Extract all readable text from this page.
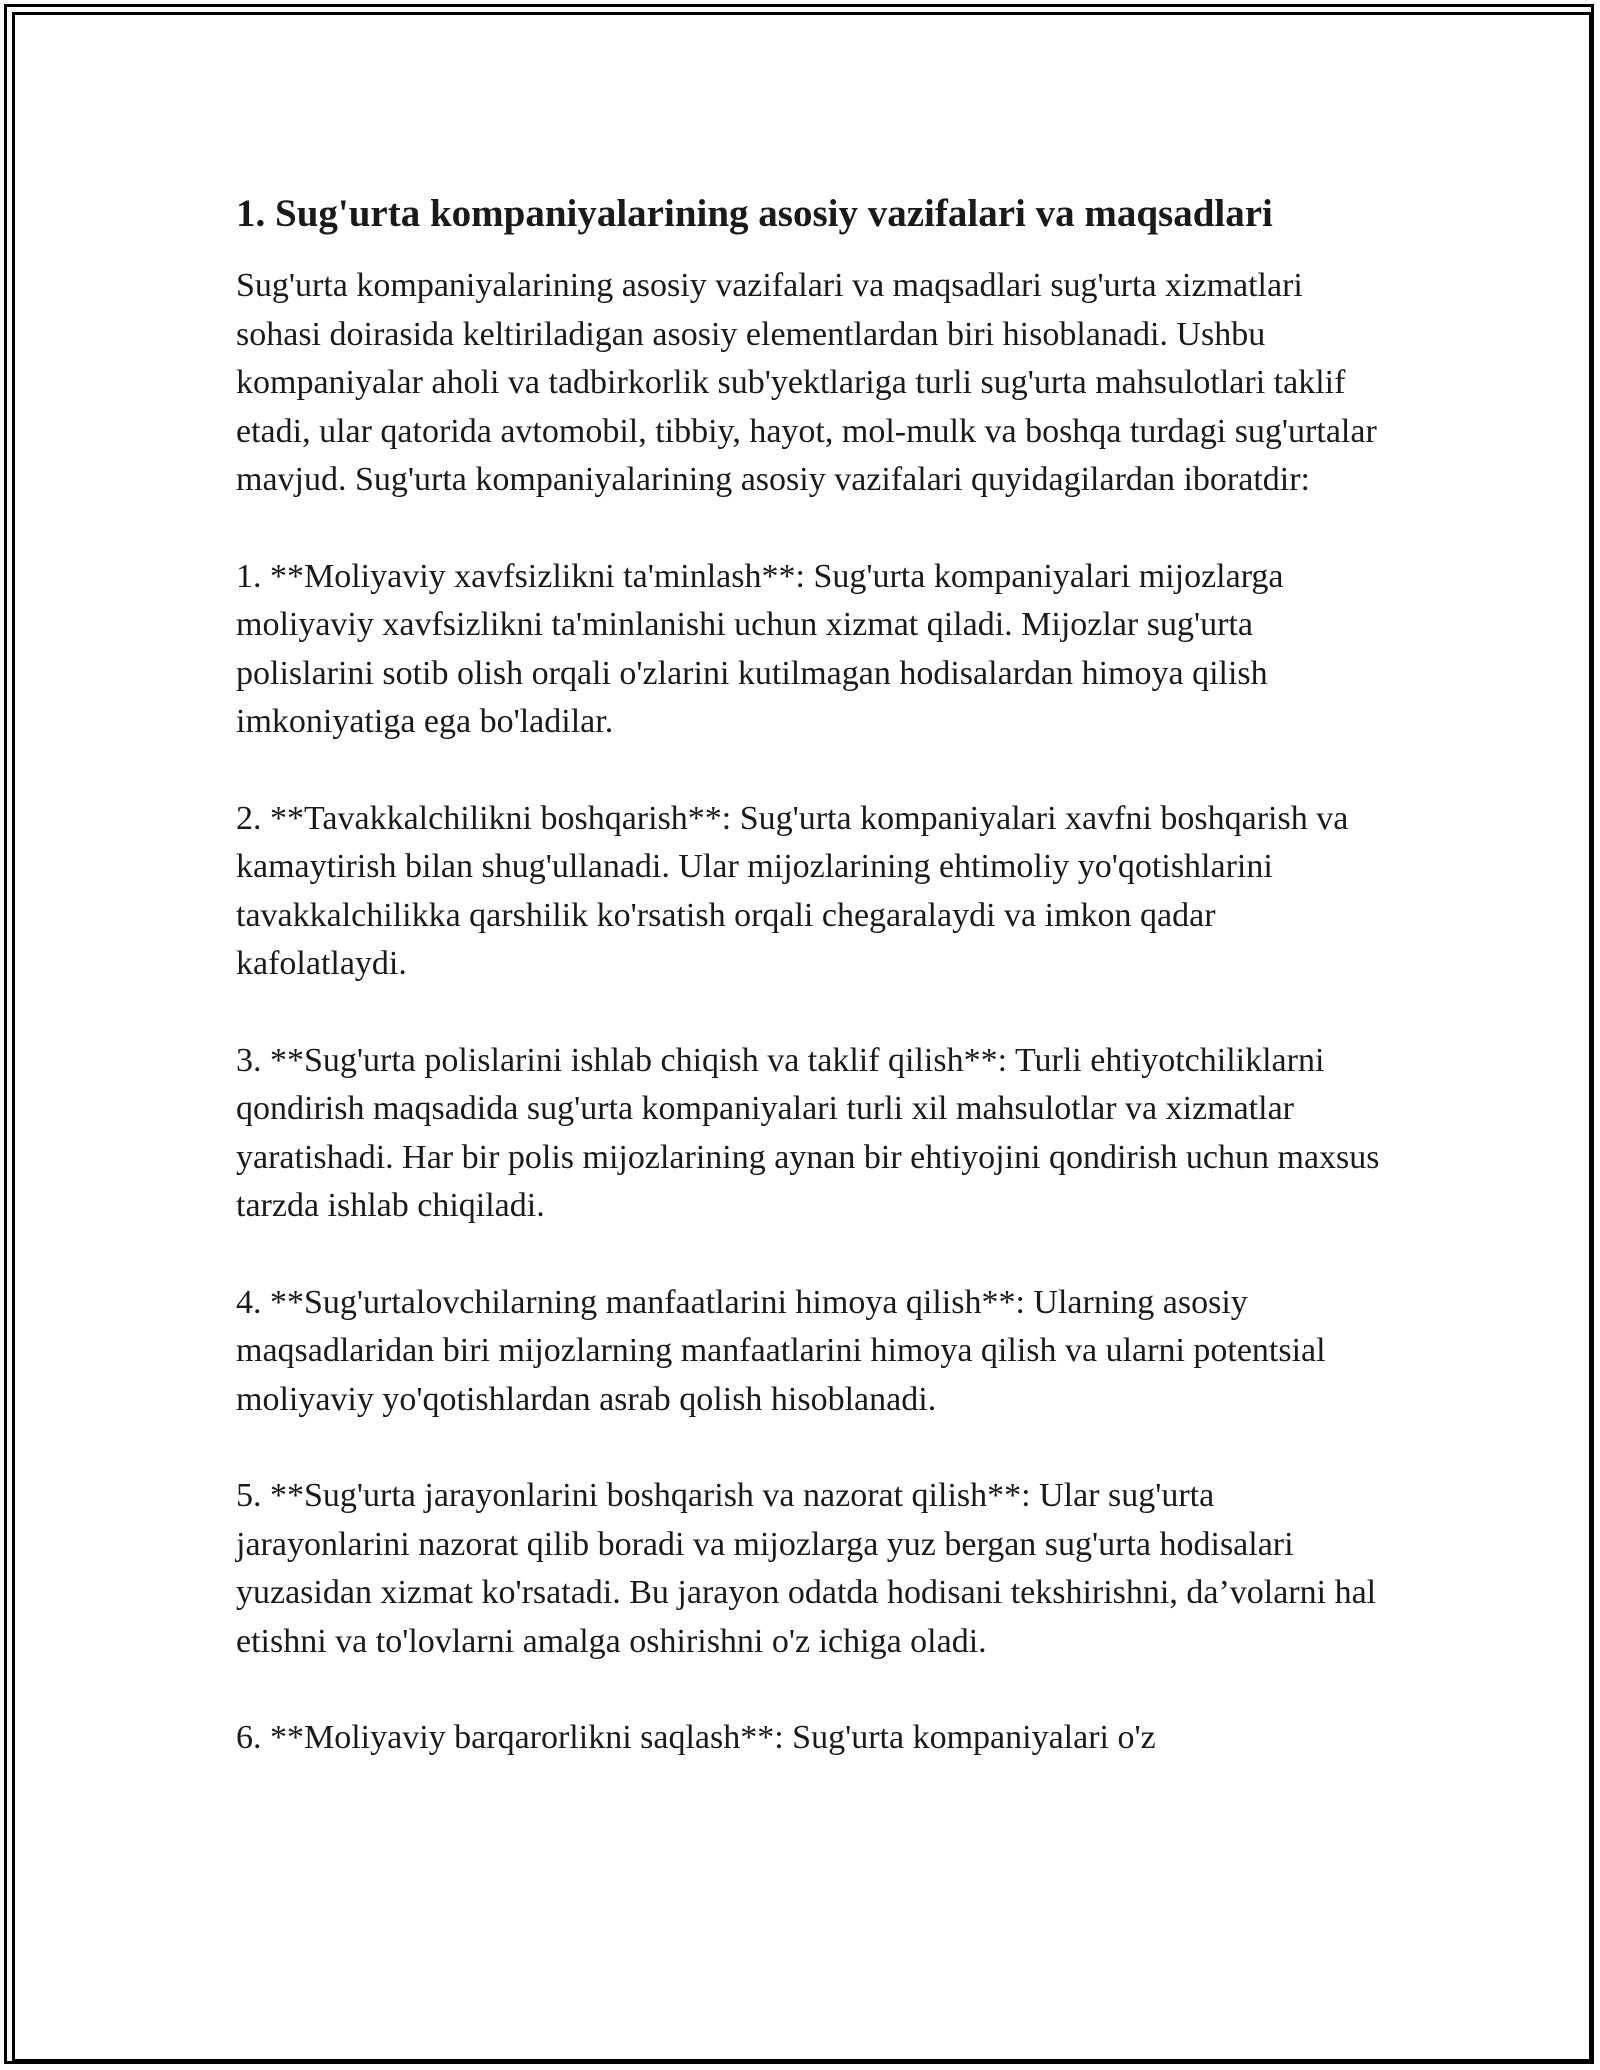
1. Sug'urta kompaniyalarining asosiy vazifalari va maqsadlari

Sug'urta kompaniyalarining asosiy vazifalari va maqsadlari sug'urta xizmatlari sohasi doirasida keltiriladigan asosiy elementlardan biri hisoblanadi. Ushbu kompaniyalar aholi va tadbirkorlik sub'yektlariga turli sug'urta mahsulotlari taklif etadi, ular qatorida avtomobil, tibbiy, hayot, mol-mulk va boshqa turdagi sug'urtalar mavjud. Sug'urta kompaniyalarining asosiy vazifalari quyidagilardan iboratdir:

1. **Moliyaviy xavfsizlikni ta'minlash**: Sug'urta kompaniyalari mijozlarga moliyaviy xavfsizlikni ta'minlanishi uchun xizmat qiladi. Mijozlar sug'urta polislarini sotib olish orqali o'zlarini kutilmagan hodisalardan himoya qilish imkoniyatiga ega bo'ladilar.

2. **Tavakkalchilikni boshqarish**: Sug'urta kompaniyalari xavfni boshqarish va kamaytirish bilan shug'ullanadi. Ular mijozlarining ehtimoliy yo'qotishlarini tavakkalchilikka qarshilik ko'rsatish orqali chegaralaydi va imkon qadar kafolatlaydi.

3. **Sug'urta polislarini ishlab chiqish va taklif qilish**: Turli ehtiyotchiliklarni qondirish maqsadida sug'urta kompaniyalari turli xil mahsulotlar va xizmatlar yaratishadi. Har bir polis mijozlarining aynan bir ehtiyojini qondirish uchun maxsus tarzda ishlab chiqiladi.

4. **Sug'urtalovchilarning manfaatlarini himoya qilish**: Ularning asosiy maqsadlaridan biri mijozlarning manfaatlarini himoya qilish va ularni potentsial moliyaviy yo'qotishlardan asrab qolish hisoblanadi.

5. **Sug'urta jarayonlarini boshqarish va nazorat qilish**: Ular sug'urta jarayonlarini nazorat qilib boradi va mijozlarga yuz bergan sug'urta hodisalari yuzasidan xizmat ko'rsatadi. Bu jarayon odatda hodisani tekshirishni, da’volarni hal etishni va to'lovlarni amalga oshirishni o'z ichiga oladi.

6. **Moliyaviy barqarorlikni saqlash**: Sug'urta kompaniyalari o'z
